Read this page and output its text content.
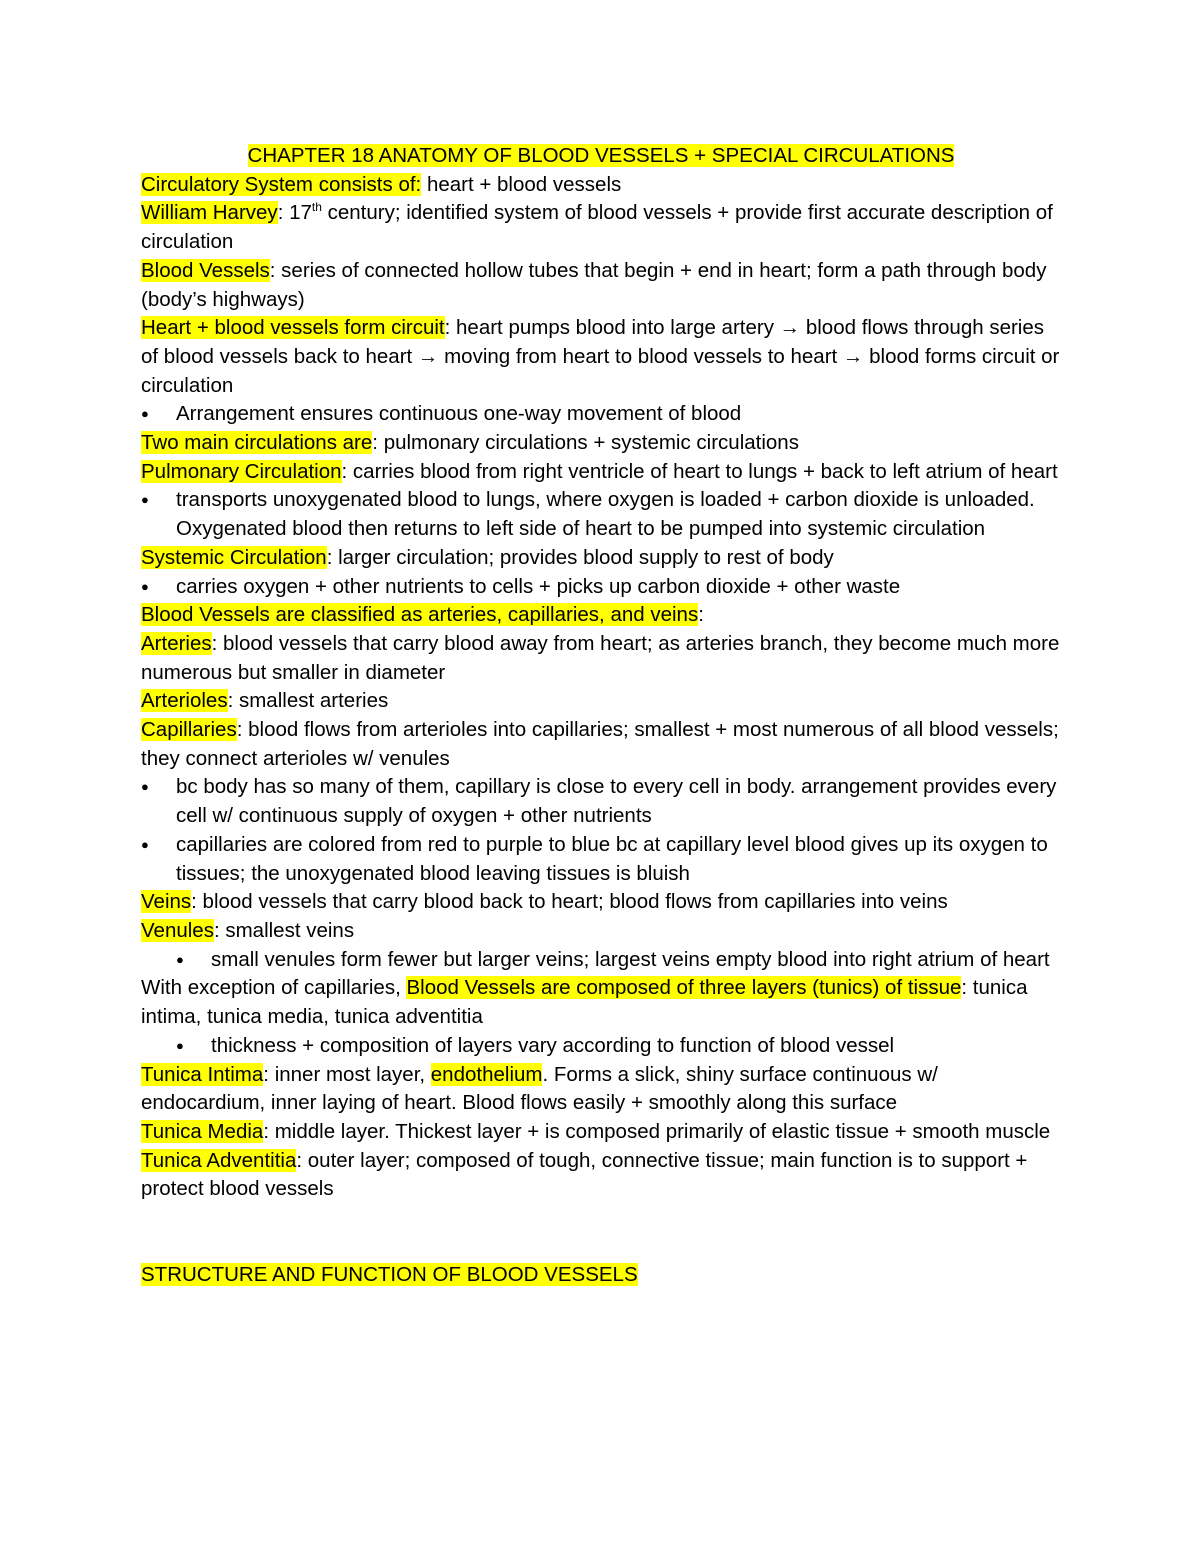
CHAPTER 18 ANATOMY OF BLOOD VESSELS + SPECIAL CIRCULATIONS

Circulatory System consists of: heart + blood vessels

William Harvey: 17th century; identified system of blood vessels + provide first accurate description of circulation

Blood Vessels: series of connected hollow tubes that begin + end in heart; form a path through body (body’s highways)

Heart + blood vessels form circuit: heart pumps blood into large artery → blood flows through series of blood vessels back to heart → moving from heart to blood vessels to heart → blood forms circuit or circulation

● Arrangement ensures continuous one-way movement of blood

Two main circulations are: pulmonary circulations + systemic circulations

Pulmonary Circulation: carries blood from right ventricle of heart to lungs + back to left atrium of heart

● transports unoxygenated blood to lungs, where oxygen is loaded + carbon dioxide is unloaded. Oxygenated blood then returns to left side of heart to be pumped into systemic circulation

Systemic Circulation: larger circulation; provides blood supply to rest of body

● carries oxygen + other nutrients to cells + picks up carbon dioxide + other waste

Blood Vessels are classified as arteries, capillaries, and veins:

Arteries: blood vessels that carry blood away from heart; as arteries branch, they become much more numerous but smaller in diameter

Arterioles: smallest arteries

Capillaries: blood flows from arterioles into capillaries; smallest + most numerous of all blood vessels; they connect arterioles w/ venules

● bc body has so many of them, capillary is close to every cell in body. arrangement provides every cell w/ continuous supply of oxygen + other nutrients
● capillaries are colored from red to purple to blue bc at capillary level blood gives up its oxygen to tissues; the unoxygenated blood leaving tissues is bluish

Veins: blood vessels that carry blood back to heart; blood flows from capillaries into veins

Venules: smallest veins

● small venules form fewer but larger veins; largest veins empty blood into right atrium of heart

With exception of capillaries, Blood Vessels are composed of three layers (tunics) of tissue: tunica intima, tunica media, tunica adventitia

● thickness + composition of layers vary according to function of blood vessel

Tunica Intima: inner most layer, endothelium. Forms a slick, shiny surface continuous w/ endocardium, inner laying of heart. Blood flows easily + smoothly along this surface

Tunica Media: middle layer. Thickest layer + is composed primarily of elastic tissue + smooth muscle

Tunica Adventitia: outer layer; composed of tough, connective tissue; main function is to support + protect blood vessels

STRUCTURE AND FUNCTION OF BLOOD VESSELS
